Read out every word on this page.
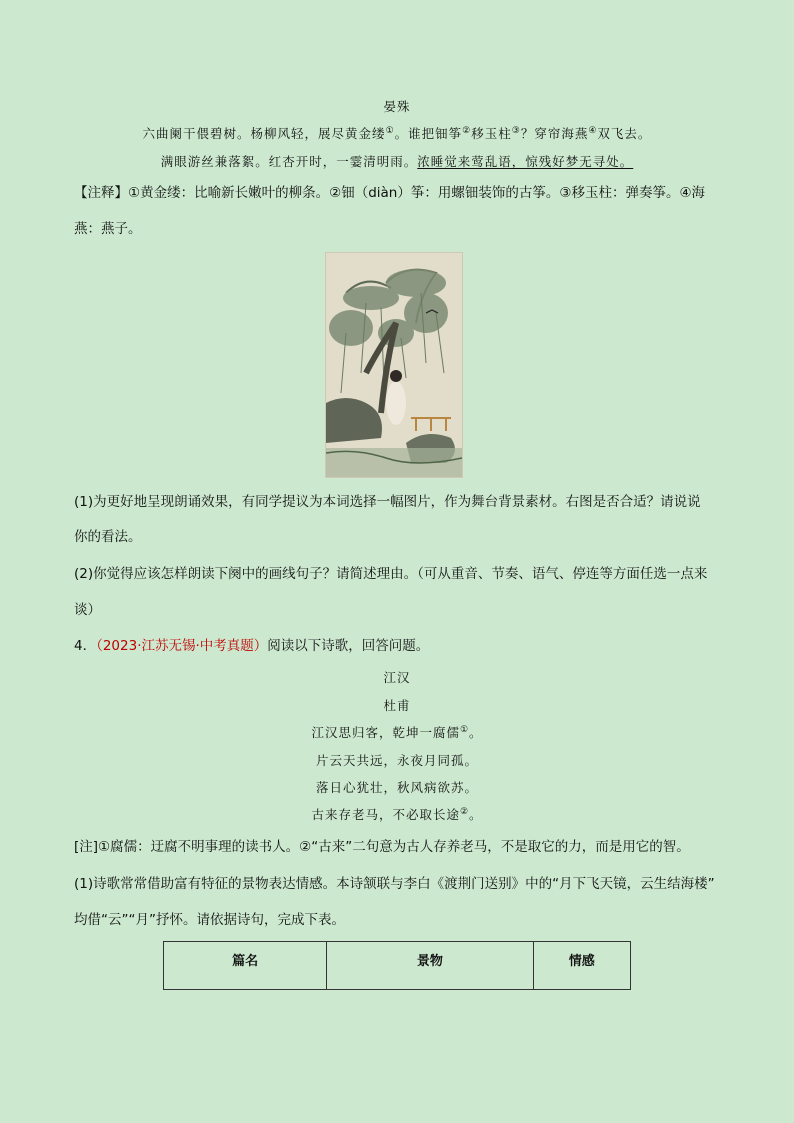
晏殊
六曲阑干偎碧树。杨柳风轻，展尽黄金缕①。谁把钿筝②移玉柱③？穿帘海燕④双飞去。
满眼游丝兼落絮。红杏开时，一霎清明雨。浓睡觉来莺乱语，惊残好梦无寻处。
【注释】①黄金缕：比喻新长嫩叶的柳条。②钿（diàn）筝：用螺钿装饰的古筝。③移玉柱：弹奏筝。④海
燕：燕子。
(1)为更好地呈现朗诵效果，有同学提议为本词选择一幅图片，作为舞台背景素材。右图是否合适？请说说
你的看法。
(2)你觉得应该怎样朗读下阕中的画线句子？请简述理由。（可从重音、节奏、语气、停连等方面任选一点来
谈）
4．（2023·江苏无锡·中考真题）阅读以下诗歌，回答问题。
江汉
杜甫
江汉思归客，乾坤一腐儒①。
片云天共远，永夜月同孤。
落日心犹壮，秋风病欲苏。
古来存老马，不必取长途②。
[注]①腐儒：迂腐不明事理的读书人。②“古来”二句意为古人存养老马，不是取它的力，而是用它的智。
(1)诗歌常常借助富有特征的景物表达情感。本诗颔联与李白《渡荆门送别》中的“月下飞天镜，云生结海楼”
均借“云”“月”抒怀。请依据诗句，完成下表。
篇名	景物	情感
